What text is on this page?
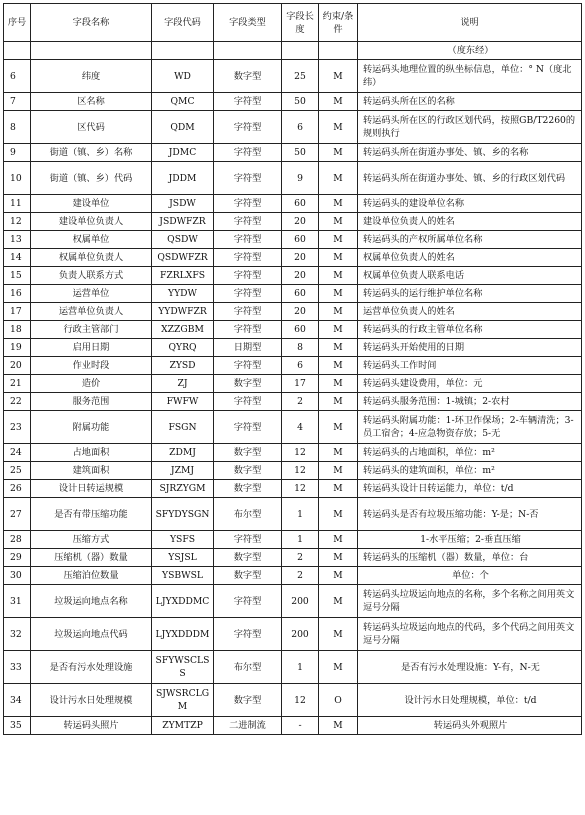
序号	字段名称	字段代码	字段类型	字段长度	约束/条件	说明
						（度东经）
6	纬度	WD	数字型	25	M	转运码头地理位置的纵坐标信息，单位：° N（度北纬）
7	区名称	QMC	字符型	50	M	转运码头所在区的名称
8	区代码	QDM	字符型	6	M	转运码头所在区的行政区划代码，按照GB/T2260的规则执行
9	街道（镇、乡）名称	JDMC	字符型	50	M	转运码头所在街道办事处、镇、乡的名称
10	街道（镇、乡）代码	JDDM	字符型	9	M	转运码头所在街道办事处、镇、乡的行政区划代码
11	建设单位	JSDW	字符型	60	M	转运码头的建设单位名称
12	建设单位负责人	JSDWFZR	字符型	20	M	建设单位负责人的姓名
13	权属单位	QSDW	字符型	60	M	转运码头的产权所属单位名称
14	权属单位负责人	QSDWFZR	字符型	20	M	权属单位负责人的姓名
15	负责人联系方式	FZRLXFS	字符型	20	M	权属单位负责人联系电话
16	运营单位	YYDW	字符型	60	M	转运码头的运行维护单位名称
17	运营单位负责人	YYDWFZR	字符型	20	M	运营单位负责人的姓名
18	行政主管部门	XZZGBM	字符型	60	M	转运码头的行政主管单位名称
19	启用日期	QYRQ	日期型	8	M	转运码头开始使用的日期
20	作业时段	ZYSD	字符型	6	M	转运码头工作时间
21	造价	ZJ	数字型	17	M	转运码头建设费用，单位：元
22	服务范围	FWFW	字符型	2	M	转运码头服务范围：1-城镇；2-农村
23	附属功能	FSGN	字符型	4	M	转运码头附属功能：1-环卫作保场；2-车辆清洗；3-员工宿舍；4-应急物资存放；5-无
24	占地面积	ZDMJ	数字型	12	M	转运码头的占地面积，单位：m²
25	建筑面积	JZMJ	数字型	12	M	转运码头的建筑面积，单位：m²
26	设计日转运规模	SJRZYGM	数字型	12	M	转运码头设计日转运能力，单位：t/d
27	是否有带压缩功能	SFYDYSGN	布尔型	1	M	转运码头是否有垃圾压缩功能：Y-是；N-否
28	压缩方式	YSFS	字符型	1	M	1-水平压缩；2-垂直压缩
29	压缩机（器）数量	YSJSL	数字型	2	M	转运码头的压缩机（器）数量，单位：台
30	压缩泊位数量	YSBWSL	数字型	2	M	单位：个
31	垃圾运向地点名称	LJYXDDMC	字符型	200	M	转运码头垃圾运向地点的名称，多个名称之间用英文逗号分隔
32	垃圾运向地点代码	LJYXDDDM	字符型	200	M	转运码头垃圾运向地点的代码，多个代码之间用英文逗号分隔
33	是否有污水处理设施	SFYWSCLSS	布尔型	1	M	是否有污水处理设施：Y-有，N-无
34	设计污水日处理规模	SJWSRCLGM	数字型	12	O	设计污水日处理规模，单位：t/d
35	转运码头照片	ZYMTZP	二进制流	-	M	转运码头外观照片
